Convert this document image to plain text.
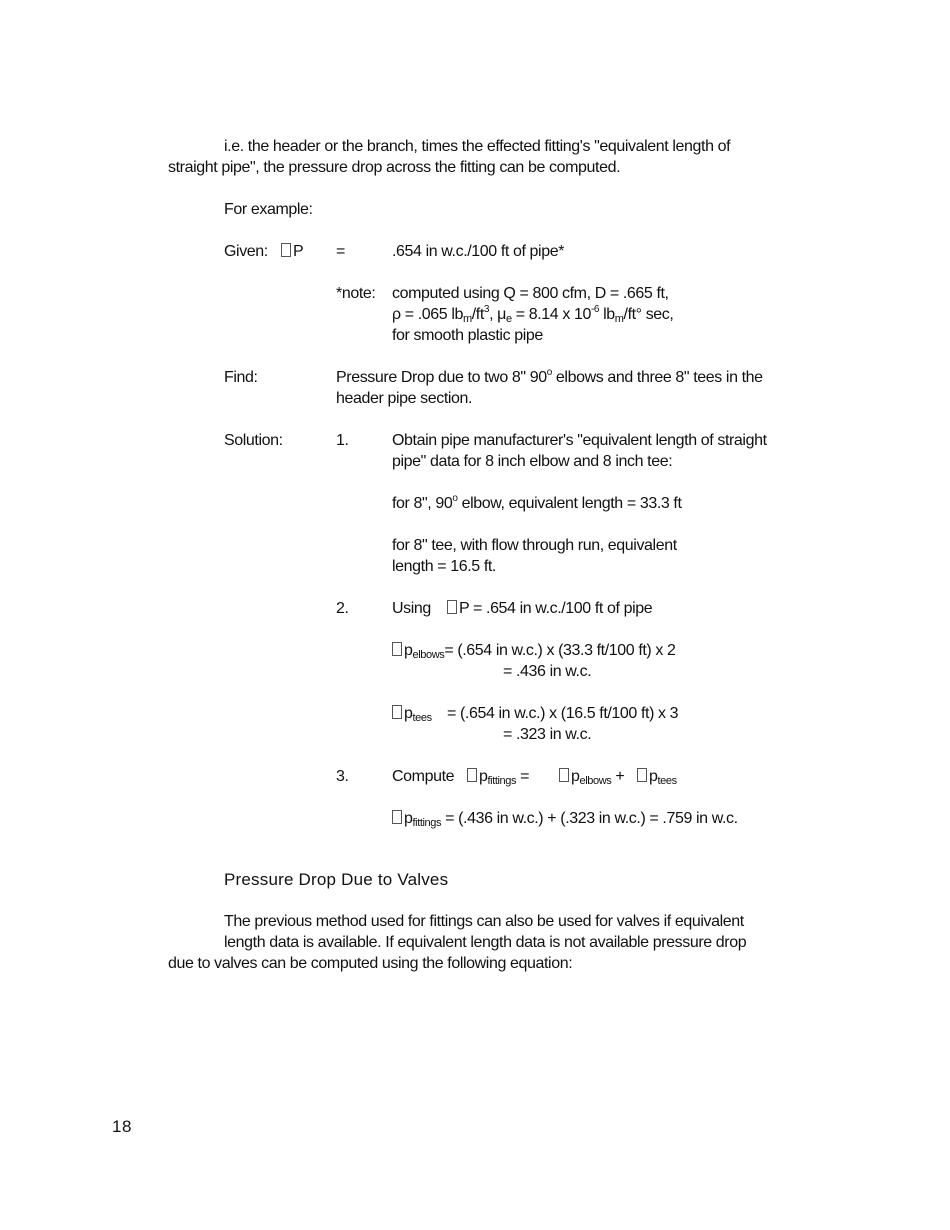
i.e. the header or the branch, times the effected fitting's "equivalent length of
straight pipe", the pressure drop across the fitting can be computed.
For example:
Given:	P =	.654 in w.c./100 ft of pipe*
*note: computed using Q = 800 cfm, D = .665 ft,
ρ = .065 lbm/$ft^3$, μe = 8.14 x $10^{-6}$ lbm/ft° sec,
for smooth plastic pipe
Find:	Pressure Drop due to two 8" 90$^o$ elbows and three 8" tees in the
header pipe section.
Solution:	1.	Obtain pipe manufacturer's "equivalent length of straight
pipe" data for 8 inch elbow and 8 inch tee:
for 8", 90$^o$ elbow, equivalent length = 33.3 ft
for 8" tee, with flow through run, equivalent
length = 16.5 ft.
2.	Using	P = .654 in w.c./100 ft of pipe
pelbows= (.654 in w.c.) x (33.3 ft/100 ft) x 2
= .436 in w.c.
ptees = (.654 in w.c.) x (16.5 ft/100 ft) x 3
= .323 in w.c.
3.	Compute	pfittings =	pelbows +	ptees
pfittings = (.436 in w.c.) + (.323 in w.c.) = .759 in w.c.
Pressure Drop Due to Valves
The previous method used for fittings can also be used for valves if equivalent
length data is available. If equivalent length data is not available pressure drop
due to valves can be computed using the following equation:
18
